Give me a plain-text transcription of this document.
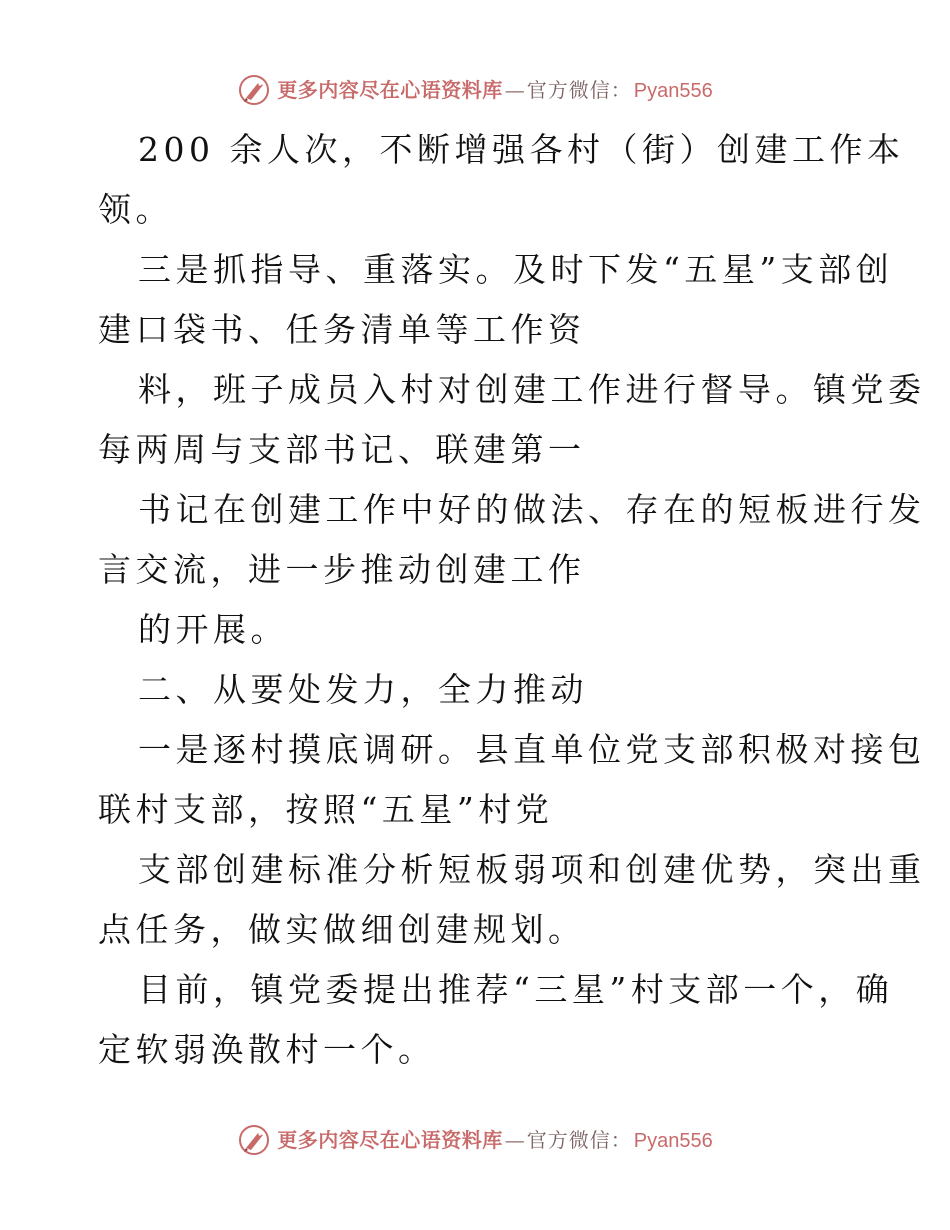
更多内容尽在心语资料库 — 官方微信： Pyan556
200 余人次，不断增强各村（街）创建工作本
领。
三是抓指导、重落实。及时下发“五星”支部创
建口袋书、任务清单等工作资
料，班子成员入村对创建工作进行督导。镇党委
每两周与支部书记、联建第一
书记在创建工作中好的做法、存在的短板进行发
言交流，进一步推动创建工作
的开展。
二、从要处发力，全力推动
一是逐村摸底调研。县直单位党支部积极对接包
联村支部，按照“五星”村党
支部创建标准分析短板弱项和创建优势，突出重
点任务，做实做细创建规划。
目前，镇党委提出推荐“三星”村支部一个，确
定软弱涣散村一个。
更多内容尽在心语资料库 — 官方微信： Pyan556
